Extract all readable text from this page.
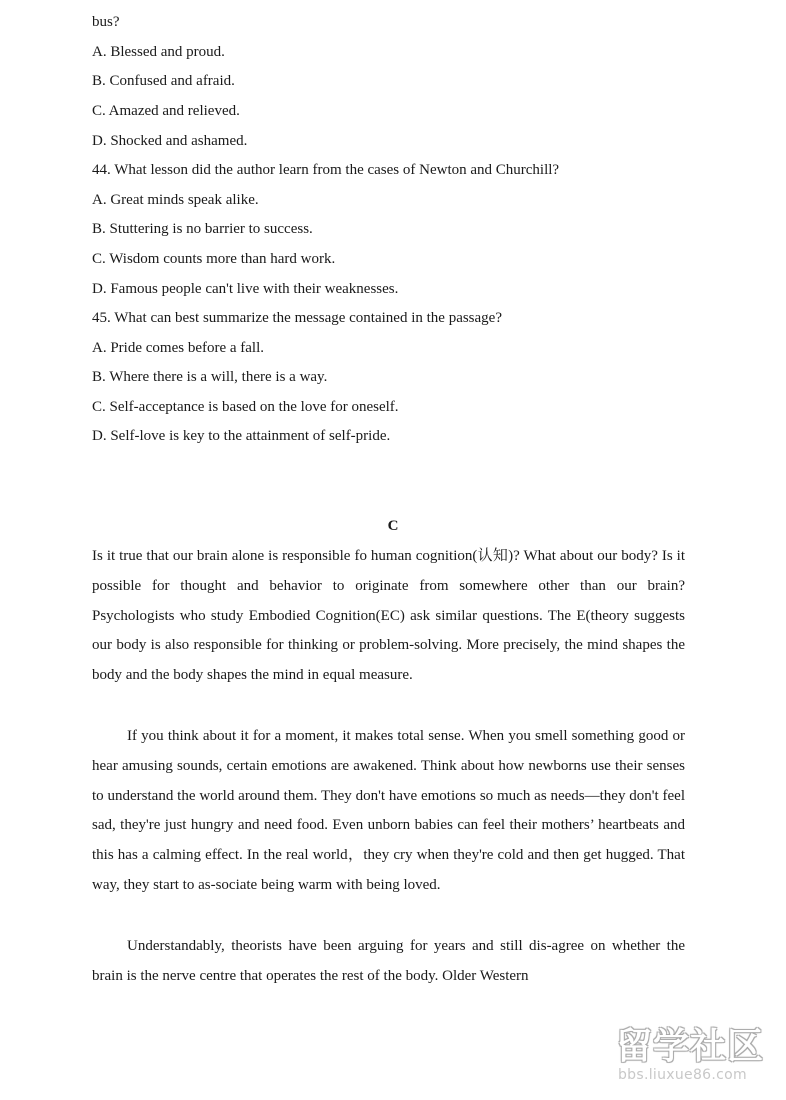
bus?
A. Blessed and proud.
B. Confused and afraid.
C. Amazed and relieved.
D. Shocked and ashamed.
44. What lesson did the author learn from the cases of Newton and Churchill?
A. Great minds speak alike.
B. Stuttering is no barrier to success.
C. Wisdom counts more than hard work.
D. Famous people can't live with their weaknesses.
45. What can best summarize the message contained in the passage?
A. Pride comes before a fall.
B. Where there is a will, there is a way.
C. Self-acceptance is based on the love for oneself.
D. Self-love is key to the attainment of self-pride.
C
Is it true that our brain alone is responsible fo human cognition(认知)? What about our body? Is it possible for thought and behavior to originate from somewhere other than our brain? Psychologists who study Embodied Cognition(EC) ask similar questions. The E(theory suggests our body is also responsible for thinking or problem-solving. More precisely, the mind shapes the body and the body shapes the mind in equal measure.
If you think about it for a moment, it makes total sense. When you smell something good or hear amusing sounds, certain emotions are awakened. Think about how newborns use their senses to understand the world around them. They don't have emotions so much as needs—they don't feel sad, they're just hungry and need food. Even unborn babies can feel their mothers’ heartbeats and this has a calming effect. In the real world，they cry when they're cold and then get hugged. That way, they start to as-sociate being warm with being loved.
Understandably, theorists have been arguing for years and still dis-agree on whether the brain is the nerve centre that operates the rest of the body. Older Western
留学社区
bbs.liuxue86.com
